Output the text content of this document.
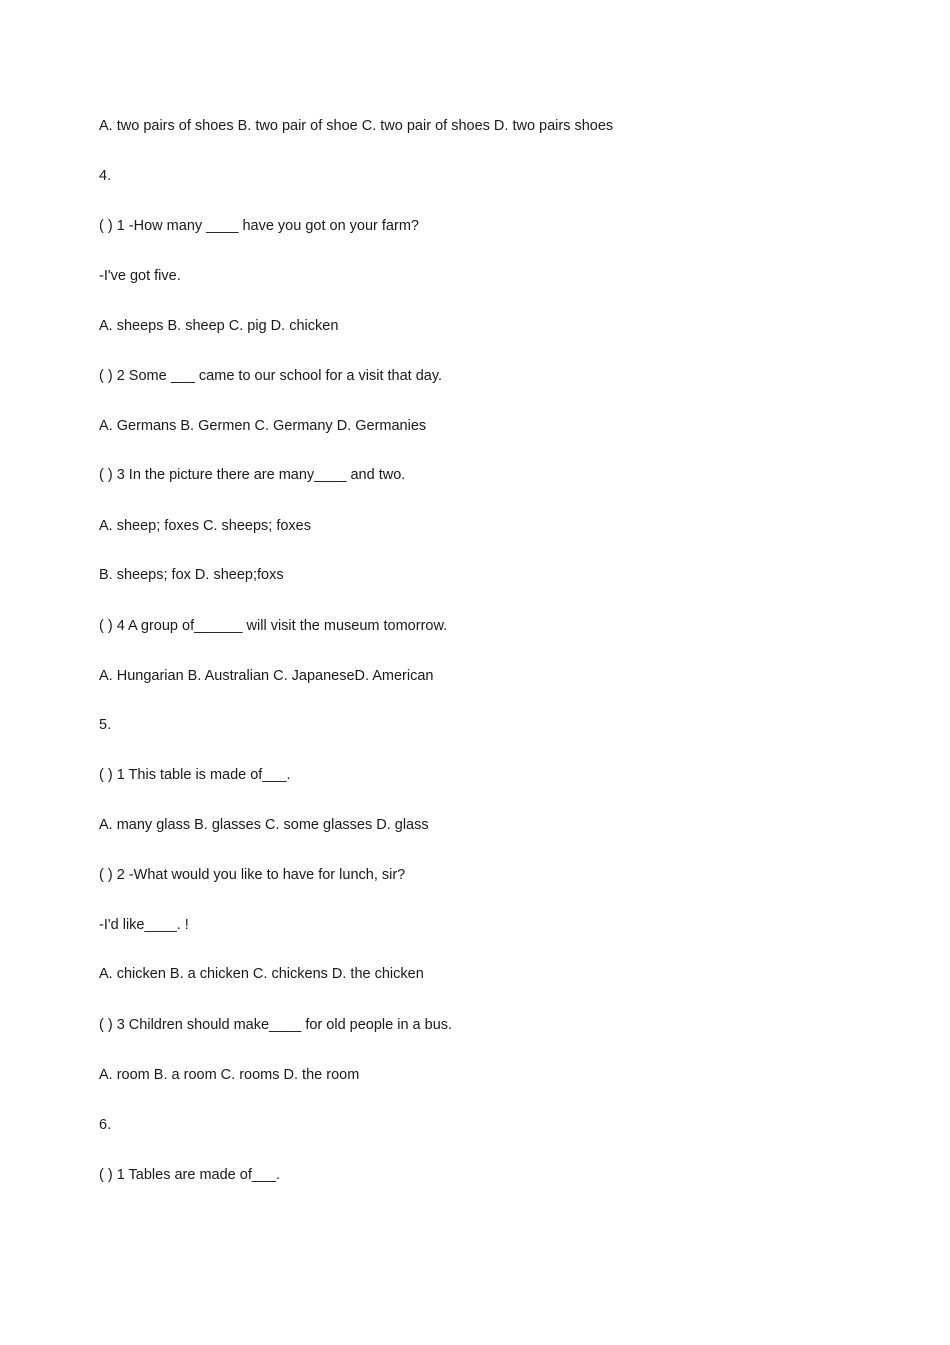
A. two pairs of shoes B. two pair of shoe C. two pair of shoes D. two pairs shoes

4.

( ) 1 -How many ____ have you got on your farm?

-I've got five.

A. sheeps B. sheep C. pig D. chicken

( ) 2 Some ___ came to our school for a visit that day.

A. Germans B. Germen C. Germany D. Germanies

( ) 3 In the picture there are many____ and two.

A. sheep; foxes C. sheeps; foxes

B. sheeps; fox D. sheep;foxs

( ) 4 A group of______ will visit the museum tomorrow.

A. Hungarian B. Australian C. JapaneseD. American

5.

( ) 1 This table is made of___.

A. many glass B. glasses C. some glasses D. glass

( ) 2 -What would you like to have for lunch, sir?

-I'd like____. !

A. chicken B. a chicken C. chickens D. the chicken

( ) 3 Children should make____ for old people in a bus.

A. room B. a room C. rooms D. the room

6.

( ) 1 Tables are made of___.
